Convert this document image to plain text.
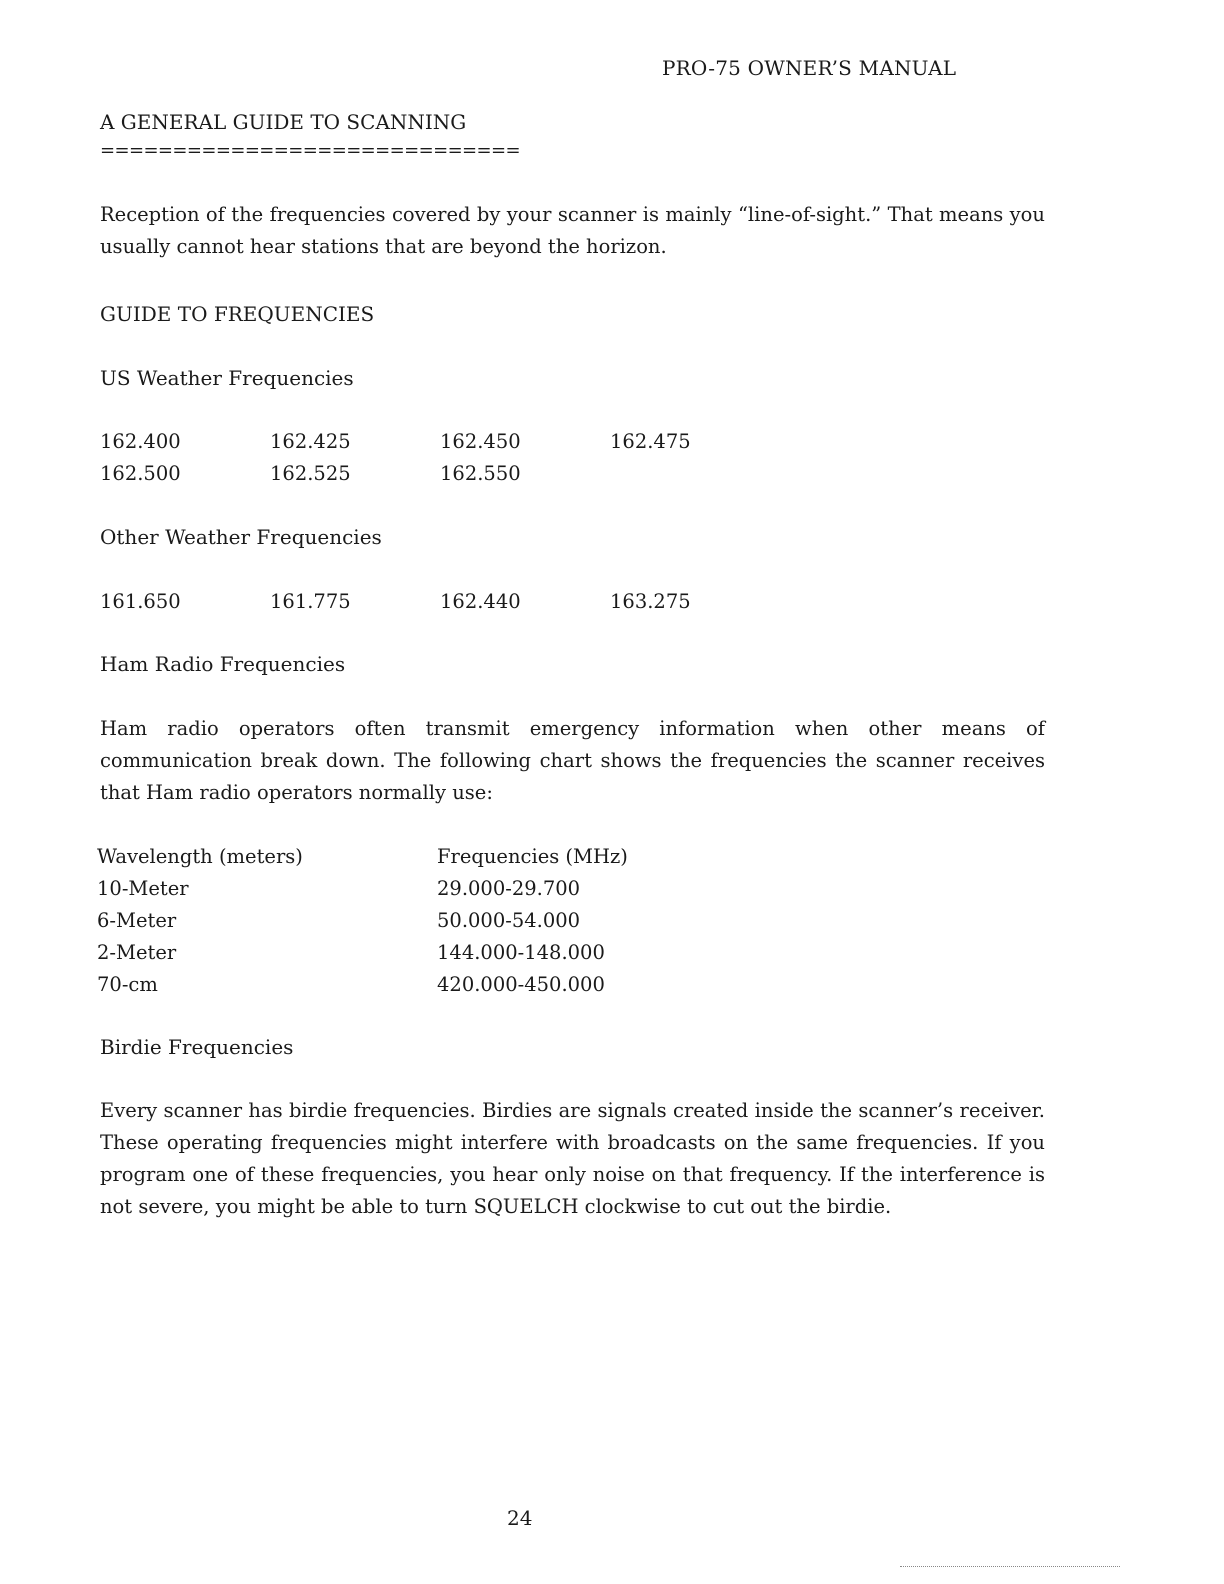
PRO-75 OWNER’S MANUAL
A GENERAL GUIDE TO SCANNING
=============================

Reception of the frequencies covered by your scanner is mainly “line-of-sight.” That means you usually cannot hear stations that are beyond the horizon.

GUIDE TO FREQUENCIES
US Weather Frequencies
162.400	162.425	162.450	162.475
162.500	162.525	162.550
Other Weather Frequencies
161.650	161.775	162.440	163.275
Ham Radio Frequencies

Ham radio operators often transmit emergency information when other means of communication break down. The following chart shows the frequencies the scanner receives that Ham radio operators normally use:

Wavelength (meters)	Frequencies (MHz)
10-Meter	29.000-29.700
6-Meter	50.000-54.000
2-Meter	144.000-148.000
70-cm	420.000-450.000
Birdie Frequencies

Every scanner has birdie frequencies. Birdies are signals created inside the scanner’s receiver. These operating frequencies might interfere with broadcasts on the same frequencies. If you program one of these frequencies, you hear only noise on that frequency. If the interference is not severe, you might be able to turn SQUELCH clockwise to cut out the birdie.

24
